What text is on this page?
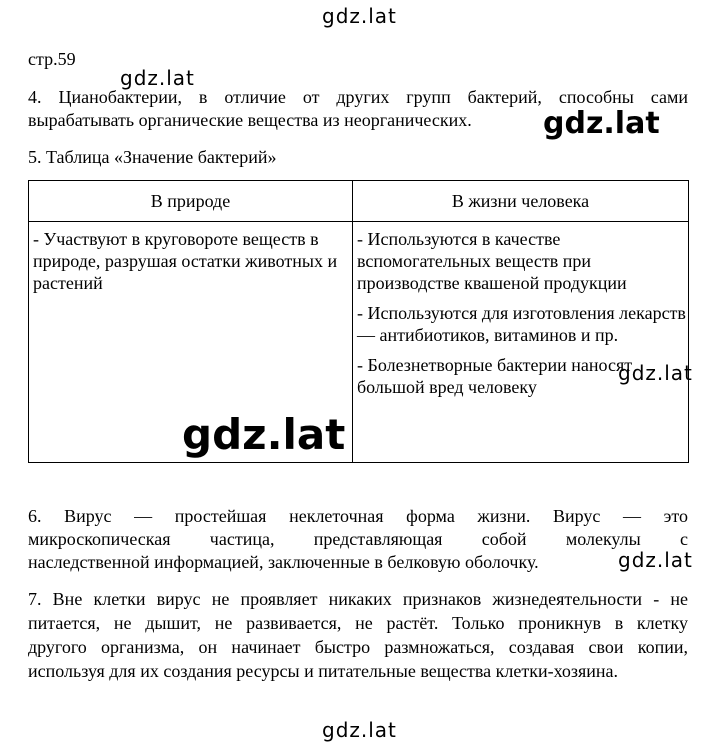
gdz.lat
gdz.lat
стр.59
4. Цианобактерии, в отличие от других групп бактерий, способны сами
вырабатывать органические вещества из неорганических. gdz.lat
5. Таблица «Значение бактерий»
В природе	В жизни человека

- Участвуют в круговороте веществ в природе, разрушая остатки животных и растений	- Используются в качестве вспомогательных веществ при производстве квашеной продукции
- Используются для изготовления лекарств — антибиотиков, витаминов и пр.
- Болезнетворные бактерии наносят большой вред человеку
gdz.lat
gdz.lat
6. Вирус — простейшая неклеточная форма жизни. Вирус — это
микроскопическая частица, представляющая собой молекулы с
наследственной информацией, заключенные в белковую оболочку.	gdz.lat
7. Вне клетки вирус не проявляет никаких признаков жизнедеятельности - не
питается, не дышит, не развивается, не растёт. Только проникнув в клетку
другого организма, он начинает быстро размножаться, создавая свои копии,
используя для их создания ресурсы и питательные вещества клетки-хозяина.
gdz.lat
